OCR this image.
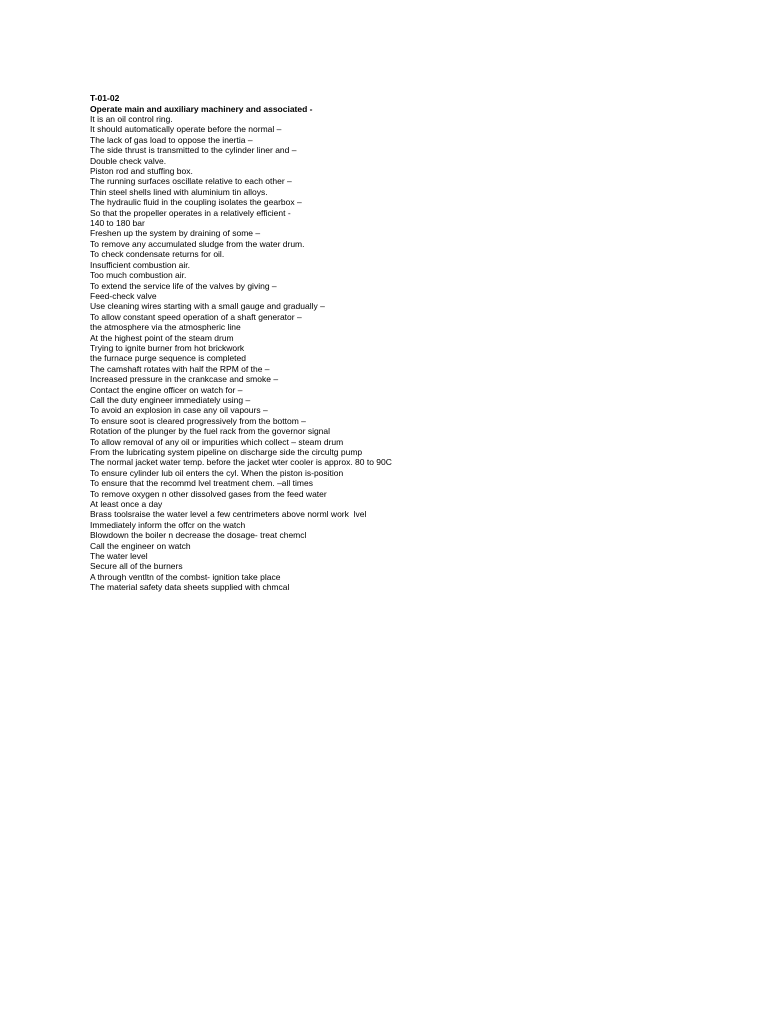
T-01-02
Operate main and auxiliary machinery and associated -
It is an oil control ring.
It should automatically operate before the normal –
The lack of gas load to oppose the inertia –
The side thrust is transmitted to the cylinder liner and –
Double check valve.
Piston rod and stuffing box.
The running surfaces oscillate relative to each other –
Thin steel shells lined with aluminium tin alloys.
The hydraulic fluid in the coupling isolates the gearbox –
So that the propeller operates in a relatively efficient -
140 to 180 bar
Freshen up the system by draining of some –
To remove any accumulated sludge from the water drum.
To check condensate returns for oil.
Insufficient combustion air.
Too much combustion air.
To extend the service life of the valves by giving –
Feed-check valve
Use cleaning wires starting with a small gauge and gradually –
To allow constant speed operation of a shaft generator –
the atmosphere via the atmospheric line
At the highest point of the steam drum
Trying to ignite burner from hot brickwork
the furnace purge sequence is completed
The camshaft rotates with half the RPM of the –
Increased pressure in the crankcase and smoke –
Contact the engine officer on watch for –
Call the duty engineer immediately using –
To avoid an explosion in case any oil vapours –
To ensure soot is cleared progressively from the bottom –
Rotation of the plunger by the fuel rack from the governor signal
To allow removal of any oil or impurities which collect – steam drum
From the lubricating system pipeline on discharge side the circultg pump
The normal jacket water temp. before the jacket wter cooler is approx. 80 to 90C
To ensure cylinder lub oil enters the cyl. When the piston is-position
To ensure that the recommd lvel treatment chem. –all times
To remove oxygen n other dissolved gases from the feed water
At least once a day
Brass toolsraise the water level a few centrimeters above norml work  lvel
Immediately inform the offcr on the watch
Blowdown the boiler n decrease the dosage- treat chemcl
Call the engineer on watch
The water level
Secure all of the burners
A through ventltn of the combst- ignition take place
The material safety data sheets supplied with chmcal
